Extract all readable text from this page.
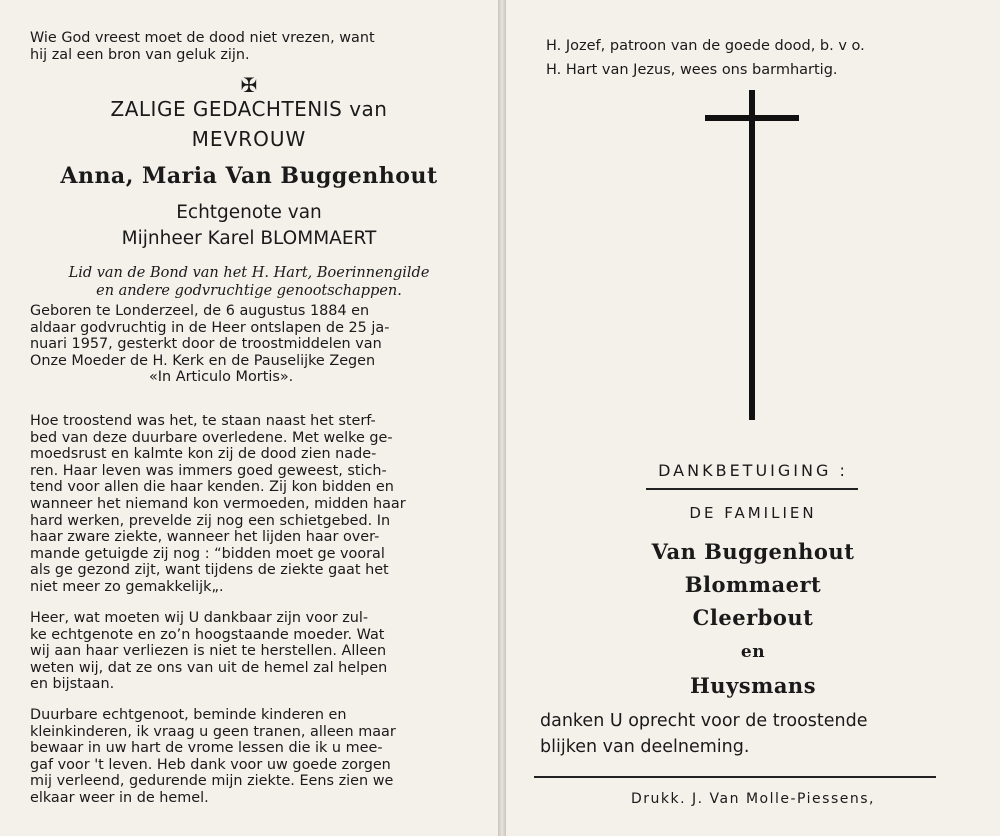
Wie God vreest moet de dood niet vrezen, want
hij zal een bron van geluk zijn.

✠

ZALIGE GEDACHTENIS van

MEVROUW

Anna, Maria Van Buggenhout

Echtgenote van

Mijnheer Karel BLOMMAERT

Lid van de Bond van het H. Hart, Boerinnengilde
en andere godvruchtige genootschappen.
Geboren te Londerzeel, de 6 augustus 1884 en
aldaar godvruchtig in de Heer ontslapen de 25 ja-
nuari 1957, gesterkt door de troostmiddelen van
Onze Moeder de H. Kerk en de Pauselijke Zegen
«In Articulo Mortis».
Hoe troostend was het, te staan naast het sterf-
bed van deze duurbare overledene. Met welke ge-
moedsrust en kalmte kon zij de dood zien nade-
ren. Haar leven was immers goed geweest, stich-
tend voor allen die haar kenden. Zij kon bidden en
wanneer het niemand kon vermoeden, midden haar
hard werken, prevelde zij nog een schietgebed. In
haar zware ziekte, wanneer het lijden haar over-
mande getuigde zij nog : “bidden moet ge vooral
als ge gezond zijt, want tijdens de ziekte gaat het
niet meer zo gemakkelijk„.
Heer, wat moeten wij U dankbaar zijn voor zul-
ke echtgenote en zo’n hoogstaande moeder. Wat
wij aan haar verliezen is niet te herstellen. Alleen
weten wij, dat ze ons van uit de hemel zal helpen
en bijstaan.
Duurbare echtgenoot, beminde kinderen en
kleinkinderen, ik vraag u geen tranen, alleen maar
bewaar in uw hart de vrome lessen die ik u mee-
gaf voor 't leven. Heb dank voor uw goede zorgen
mij verleend, gedurende mijn ziekte. Eens zien we
elkaar weer in de hemel.

H. Jozef, patroon van de goede dood, b. v o.

H. Hart van Jezus, wees ons barmhartig.

DANKBETUIGING :

DE FAMILIEN

Van Buggenhout

Blommaert

Cleerbout

en

Huysmans

danken U oprecht voor de troostende

blijken van deelneming.

Drukk. J. Van Molle-Piessens,
